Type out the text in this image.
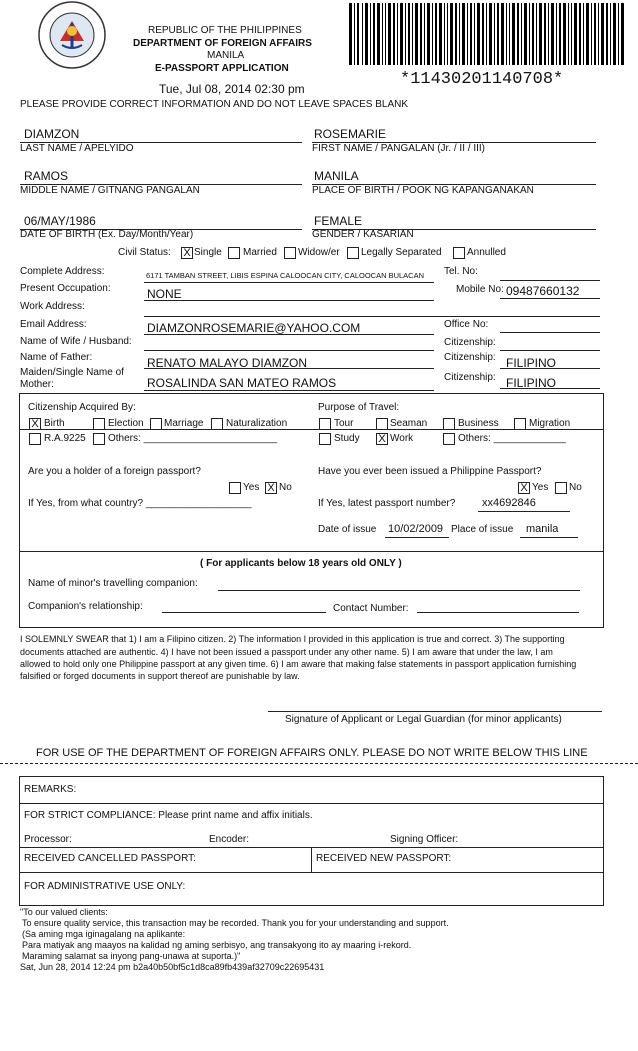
REPUBLIC OF THE PHILIPPINES
DEPARTMENT OF FOREIGN AFFAIRS
MANILA
E-PASSPORT APPLICATION
Tue, Jul 08, 2014 02:30 pm	*11430201140708*
PLEASE PROVIDE CORRECT INFORMATION AND DO NOT LEAVE SPACES BLANK
DIAMZON
LAST NAME / APELYIDO
ROSEMARIE
FIRST NAME / PANGALAN (Jr. / II / III)
RAMOS
MIDDLE NAME / GITNANG PANGALAN
MANILA
PLACE OF BIRTH / POOK NG KAPANGANAKAN
06/MAY/1986
DATE OF BIRTH (Ex. Day/Month/Year)
FEMALE
GENDER / KASARIAN
Civil Status: X Single Married Widow/er Legally Separated	Annulled
Complete Address:	6171 TAMBAN STREET, LIBIS ESPINA CALOOCAN CITY, CALOOCAN BULACAN Tel. No:
Present Occupation:	NONE	Mobile No: 09487660132
Work Address:
Email Address:	DIAMZONROSEMARIE@YAHOO.COM	Office No:
Name of Wife / Husband:	Citizenship:
Name of Father:	RENATO MALAYO DIAMZON	Citizenship: FILIPINO
Maiden/Single Name of
Mother:	ROSALINDA SAN MATEO RAMOS	Citizenship: FILIPINO
Citizenship Acquired By:
X Birth	Election Marriage Naturalization
R.A.9225 Others: ________________________
Purpose of Travel:
Tour	Seaman	Business	Migration
Study X Work	Others: _____________
Are you a holder of a foreign passport?
Yes X No
If Yes, from what country? ___________________
Have you ever been issued a Philippine Passport?
X Yes No
If Yes, latest passport number? xx4692846
Date of issue 10/02/2009 Place of issue manila
( For applicants below 18 years old ONLY )
Name of minor's travelling companion:
Companion's relationship:	Contact Number:
I SOLEMNLY SWEAR that 1) I am a Filipino citizen. 2) The information I provided in this application is true and correct. 3) The supporting
documents attached are authentic. 4) I have not been issued a passport under any other name. 5) I am aware that under the law, I am
allowed to hold only one Philippine passport at any given time. 6) I am aware that making false statements in passport application furnishing
falsified or forged documents in support thereof are punishable by law.
Signature of Applicant or Legal Guardian (for minor applicants)
FOR USE OF THE DEPARTMENT OF FOREIGN AFFAIRS ONLY. PLEASE DO NOT WRITE BELOW THIS LINE
REMARKS:
FOR STRICT COMPLIANCE: Please print name and affix initials.
Processor:	Encoder:	Signing Officer:
RECEIVED CANCELLED PASSPORT:	RECEIVED NEW PASSPORT:
FOR ADMINISTRATIVE USE ONLY:
"To our valued clients:
To ensure quality service, this transaction may be recorded. Thank you for your understanding and support.
(Sa aming mga iginagalang na aplikante:
Para matiyak ang maayos na kalidad ng aming serbisyo, ang transakyong ito ay maaring i-rekord.
Maraming salamat sa inyong pang-unawa at suporta.)"
Sat, Jun 28, 2014 12:24 pm b2a40b50bf5c1d8ca89fb439af32709c22695431
